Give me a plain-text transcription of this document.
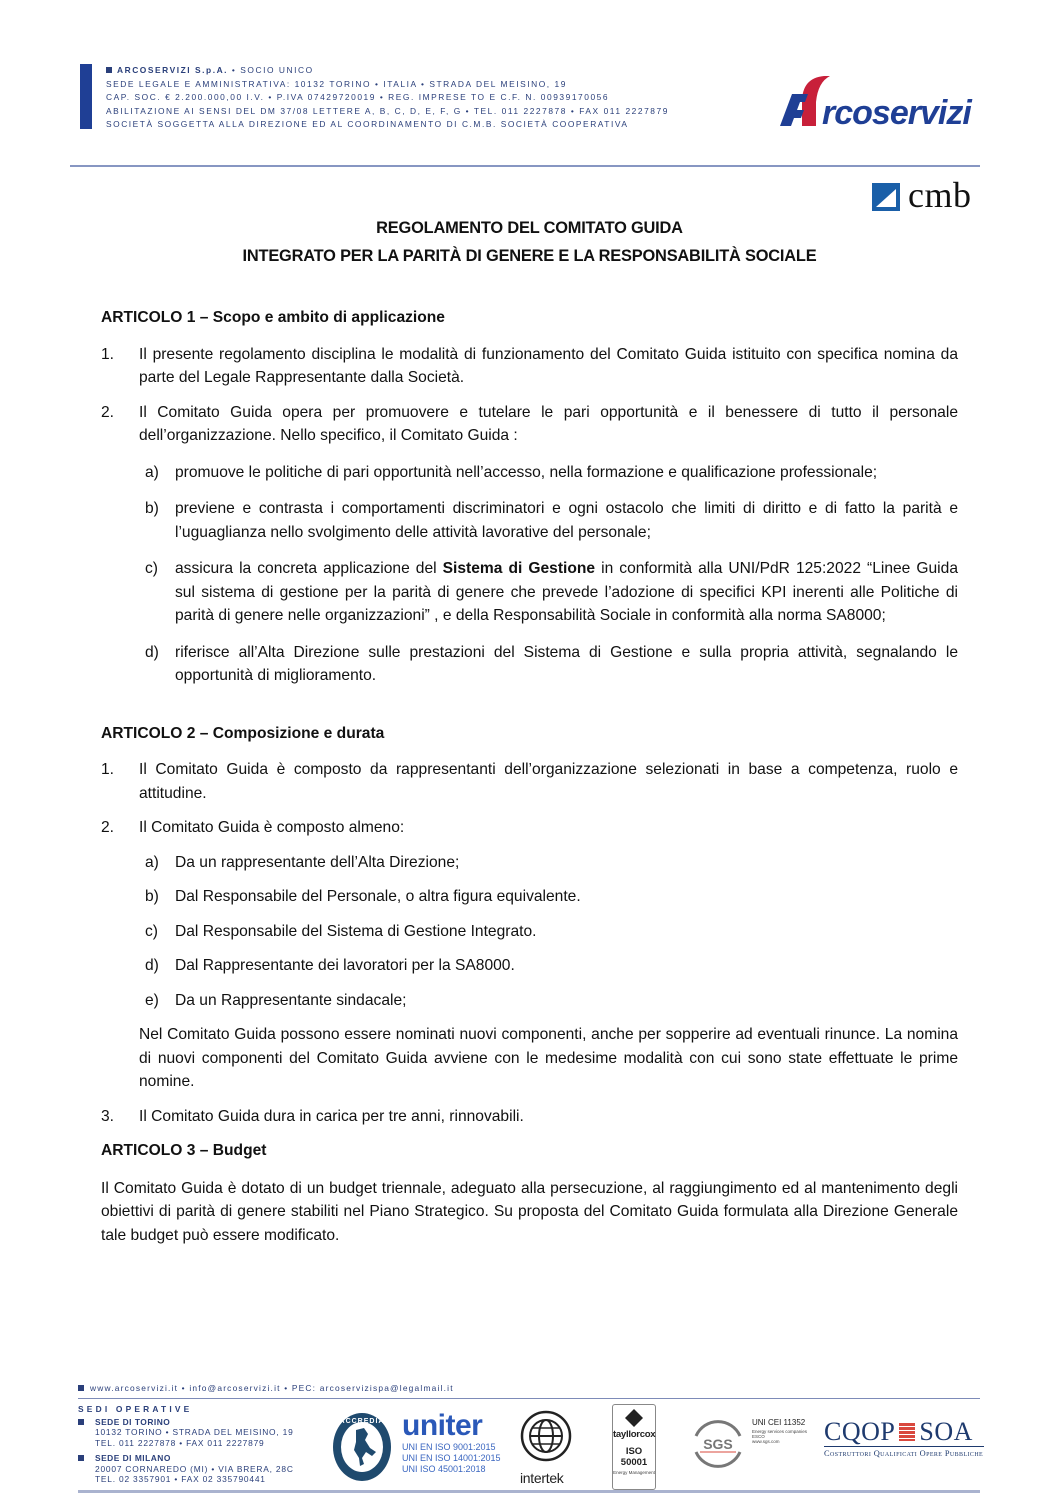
ARCOSERVIZI S.p.A. • SOCIO UNICO
SEDE LEGALE E AMMINISTRATIVA: 10132 TORINO • ITALIA • STRADA DEL MEISINO, 19
CAP. SOC. € 2.200.000,00 I.V. • P.IVA 07429720019 • REG. IMPRESE TO E C.F. N. 00939170056
ABILITAZIONE AI SENSI DEL DM 37/08 LETTERE A, B, C, D, E, F, G • TEL. 011 2227878 • FAX 011 2227879
SOCIETÀ SOGGETTA ALLA DIREZIONE ED AL COORDINAMENTO DI C.M.B. SOCIETÀ COOPERATIVA	rcoservizi
cmb
REGOLAMENTO DEL COMITATO GUIDA
INTEGRATO PER LA PARITÀ DI GENERE E LA RESPONSABILITÀ SOCIALE

ARTICOLO 1 – Scopo e ambito di applicazione

1. Il presente regolamento disciplina le modalità di funzionamento del Comitato Guida istituito con specifica nomina da parte del Legale Rappresentante dalla Società.

2. Il Comitato Guida opera per promuovere e tutelare le pari opportunità e il benessere di tutto il personale dell’organizzazione. Nello specifico, il Comitato Guida :

a) promuove le politiche di pari opportunità nell’accesso, nella formazione e qualificazione professionale;

b) previene e contrasta i comportamenti discriminatori e ogni ostacolo che limiti di diritto e di fatto la parità e l’uguaglianza nello svolgimento delle attività lavorative del personale;

c) assicura la concreta applicazione del Sistema di Gestione in conformità alla UNI/PdR 125:2022 “Linee Guida sul sistema di gestione per la parità di genere che prevede l’adozione di specifici KPI inerenti alle Politiche di parità di genere nelle organizzazioni” , e della Responsabilità Sociale in conformità alla norma SA8000;

d) riferisce all’Alta Direzione sulle prestazioni del Sistema di Gestione e sulla propria attività, segnalando le opportunità di miglioramento.

ARTICOLO 2 – Composizione e durata

1. Il Comitato Guida è composto da rappresentanti dell’organizzazione selezionati in base a competenza, ruolo e attitudine.

2. Il Comitato Guida è composto almeno:

a) Da un rappresentante dell’Alta Direzione;

b) Dal Responsabile del Personale, o altra figura equivalente.

c) Dal Responsabile del Sistema di Gestione Integrato.

d) Dal Rappresentante dei lavoratori per la SA8000.

e) Da un Rappresentante sindacale;

Nel Comitato Guida possono essere nominati nuovi componenti, anche per sopperire ad eventuali rinunce. La nomina di nuovi componenti del Comitato Guida avviene con le medesime modalità con cui sono state effettuate le prime nomine.

3. Il Comitato Guida dura in carica per tre anni, rinnovabili.

ARTICOLO 3 – Budget

Il Comitato Guida è dotato di un budget triennale, adeguato alla persecuzione, al raggiungimento ed al mantenimento degli obiettivi di parità di genere stabiliti nel Piano Strategico. Su proposta del Comitato Guida formulata alla Direzione Generale tale budget può essere modificato.

www.arcoservizi.it • info@arcoservizi.it • PEC: arcoservizispa@legalmail.it
SEDI OPERATIVE
SEDE DI TORINO
10132 TORINO • STRADA DEL MEISINO, 19
TEL. 011 2227878 • FAX 011 2227879
SEDE DI MILANO
20007 CORNAREDO (MI) • VIA BRERA, 28C
TEL. 02 3357901 • FAX 02 335790441
ACCREDIA uniter
UNI EN ISO 9001:2015
UNI EN ISO 14001:2015
UNI ISO 45001:2018
intertek
tayllorcox
ISO 50001
Energy Management
SGS
UNI CEI 11352
Energy services companies
ESCO
www.sgs.com	CQOP SOA
Costruttori Qualificati Opere Pubbliche
